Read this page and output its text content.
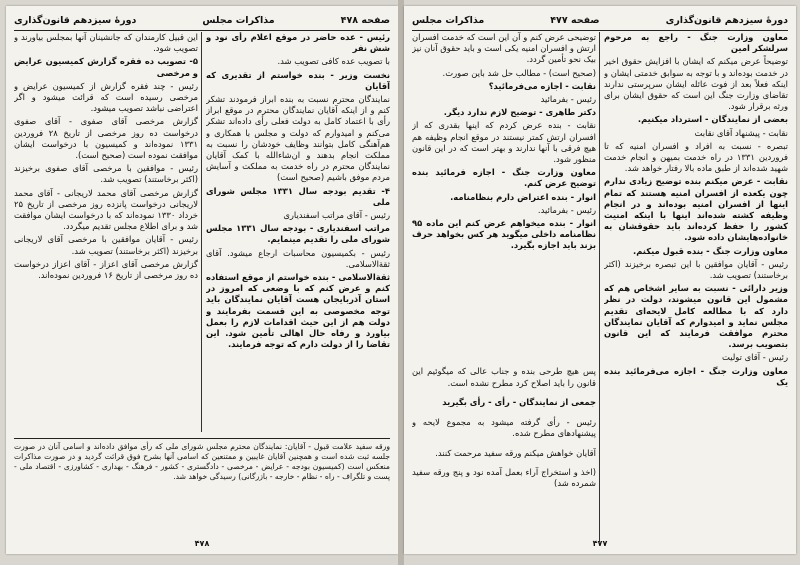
صفحه ۴۷۸
مذاکرات مجلس
دورهٔ سیزدهم قانون‌گذاری

رئیس - عده حاضر در موقع اعلام رأی نود و شش نفر

با تصویب عده کافی تصویب شد.

نخست وزیر - بنده خواستم از تقدیری که آقایان

نمایندگان محترم نسبت به بنده ابراز فرمودند تشکر کنم و از اینکه آقایان نمایندگان محترم در موقع ابراز رأی با اعتماد کامل به دولت فعلی رأی داده‌اند تشکر می‌کنم و امیدوارم که دولت و مجلس با همکاری و هم‌آهنگی کامل بتوانند وظایف خودشان را نسبت به مملکت انجام بدهند و ان‌شاءالله با کمک آقایان نمایندگان محترم در راه خدمت به مملکت و آسایش مردم موفق باشیم (صحیح است)

۴- تقدیم بودجه سال ۱۳۳۱ مجلس شورای ملی

رئیس - آقای مراتب اسفندیاری

مراتب اسفندیاری - بودجه سال ۱۳۳۱ مجلس شورای ملی را تقدیم مینمایم.

رئیس - بکمیسیون محاسبات ارجاع میشود. آقای ثقة‌الاسلامی.

ثقة‌الاسلامی - بنده خواستم از موقع استفاده کنم و عرض کنم که با وضعی که امروز در استان آذربایجان هست آقایان نمایندگان باید توجه مخصوصی به این قسمت بفرمایند و دولت هم از این حیث اقدامات لازم را بعمل بیاورد و رفاه حال اهالی تأمین شود. این تقاضا را از دولت دارم که توجه فرمایند.

این قبیل کارمندان که جانشینان آنها بمجلس بیاورند و تصویب شود.

۵- تصویب ده فقره گزارش کمیسیون عرایض و مرخصی

رئیس - چند فقره گزارش از کمیسیون عرایض و مرخصی رسیده است که قرائت میشود و اگر اعتراضی نباشد تصویب میشود.

گزارش مرخصی آقای صفوی - آقای صفوی درخواست ده روز مرخصی از تاریخ ۲۸ فروردین ۱۳۳۱ نموده‌اند و کمیسیون با درخواست ایشان موافقت نموده است (صحیح است).

رئیس - موافقین با مرخصی آقای صفوی برخیزند (اکثر برخاستند) تصویب شد.

گزارش مرخصی آقای محمد لاریجانی - آقای محمد لاریجانی درخواست پانزده روز مرخصی از تاریخ ۲۵ خرداد ۱۳۳۰ نموده‌اند که با درخواست ایشان موافقت شد و برای اطلاع مجلس تقدیم میگردد.

رئیس - آقایان موافقین با مرخصی آقای لاریجانی برخیزند (اکثر برخاستند) تصویب شد.

گزارش مرخصی آقای اعزاز - آقای اعزاز درخواست ده روز مرخصی از تاریخ ۱۶ فروردین نموده‌اند.

ورقه سفید علامت قبول - آقایان: نمایندگان محترم مجلس شورای ملی که رأی موافق داده‌اند و اسامی آنان در صورت جلسه ثبت شده است و همچنین آقایان غایبین و ممتنعین که اسامی آنها بشرح فوق قرائت گردید و در صورت مذاکرات منعکس است (کمیسیون بودجه - عرایض - مرخصی - دادگستری - کشور - فرهنگ - بهداری - کشاورزی - اقتصاد ملی - پست و تلگراف - راه - نظام - خارجه - بازرگانی) رسیدگی خواهد شد.
۴۷۸
دورهٔ سیزدهم قانون‌گذاری
صفحه ۴۷۷
مذاکرات مجلس

معاون وزارت جنگ - راجع به مرحوم سرلشکر امین

توضیحاً عرض میکنم که ایشان با افزایش حقوق اخیر در خدمت بوده‌اند و با توجه به سوابق خدمتی ایشان و اینکه فعلاً بعد از فوت عائله ایشان سرپرستی ندارند تقاضای وزارت جنگ این است که حقوق ایشان برای ورثه برقرار شود.

بعضی از نمایندگان - استرداد میکنیم.

نقابت - پیشنهاد آقای نقابت

تبصره - نسبت به افراد و افسران امنیه که تا فروردین ۱۳۳۱ در راه خدمت بمیهن و انجام خدمت شهید شده‌اند از طبق ماده بالا رفتار خواهد شد.

نقابت - عرض میکنم بنده توضیح زیادی ندارم چون یکعده از افسران امنیه هستند که تمام اینها از افسران امنیه بوده‌اند و در انجام وظیفه کشته شده‌اند اینها با اینکه امنیت کشور را حفظ کرده‌اند باید حقوقشان به خانواده‌هایشان داده شود.

معاون وزارت جنگ - بنده قبول میکنم.

رئیس - آقایان موافقین با این تبصره برخیزند (اکثر برخاستند) تصویب شد.

وزیر دارائی - نسبت به سایر اشخاص هم که مشمول این قانون میشوند، دولت در نظر دارد که با مطالعه کامل لایحه‌ای تقدیم مجلس نماید و امیدوارم که آقایان نمایندگان محترم موافقت فرمایند که این قانون بتصویب برسد.

رئیس - آقای تولیت

معاون وزارت جنگ - اجازه می‌فرمائید بنده یک

توضیحی عرض کنم و آن این است که خدمت افسران ارتش و افسران امنیه یکی است و باید حقوق آنان نیز بیک نحو تأمین گردد.

(صحیح است) - مطالب حل شد باین صورت.

نقابت - اجازه می‌فرمائید؟

رئیس - بفرمائید

دکتر طاهری - توضیح لازم ندارد دیگر.

نقابت - بنده عرض کردم که اینها بقدری که از افسران ارتش کمتر نیستند در موقع انجام وظیفه هم هیچ فرقی با آنها ندارند و بهتر است که در این قانون منظور شود.

معاون وزارت جنگ - اجازه فرمائید بنده توضیح عرض کنم.

انوار - بنده اعتراض دارم بنظامنامه.

رئیس - بفرمائید.

انوار - بنده میخواهم عرض کنم این ماده ۹۵ نظامنامه داخلی میگوید هر کس بخواهد حرف بزند باید اجازه بگیرد.

پس هیچ طرحی بنده و جناب عالی که میگوئیم این قانون را باید اصلاح کرد مطرح نشده است.

جمعی از نمایندگان - رأی - رأی بگیرید

رئیس - رأی گرفته میشود به مجموع لایحه و پیشنهادهای مطرح شده.

آقایان خواهش میکنم ورقه سفید مرحمت کنند.

(اخذ و استخراج آراء بعمل آمده نود و پنج ورقه سفید شمرده شد)

۴۷۷
